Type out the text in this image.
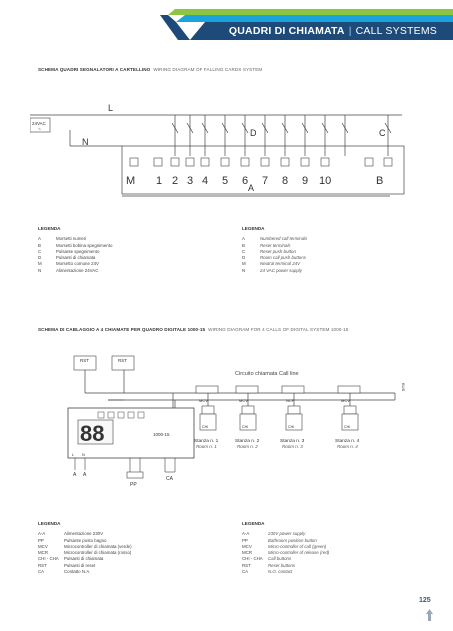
QUADRI DI CHIAMATA | CALL SYSTEMS
SCHEMA QUADRI SEGNALATORI A CARTELLINO WIRING DIAGRAM OF FALLING CARDS SYSTEM
L
N
24VAC
~	D	C
A
M 1 2 3 4 5 6 7 8 9 10	B
LEGENDA
A	Morsetti numeri
B	Morsetti bobina spegnimento
C	Pulsante spegnimento
D	Pulsanti di chiamata
M	Morsetto comune 24V
N	Alimentazione 24VAC
LEGENDA
A	Numbered call terminals
B	Reset terminals
C	Reset push-button
D	Room call push buttons
M	Neutral terminal 24V
N	24 VAC power supply
SCHEMA DI CABLAGGIO A 4 CHIAMATE PER QUADRO DIGITALE 1000-15 WIRING DIAGRAM FOR 4 CALLS OF DIGITAL SYSTEM 1000-15
Circuito chiamata Call line
RST	RST
MCV	MCV	NCF	MCV
BUS
88	1000-15
L N
A A
PP
CA
CHI	CHI	CHI	CHI
Stanza n. 1
Room n. 1
Stanza n. 2
Room n. 2
Stanza n. 3
Room n. 3
Stanza n. 4
Room n. 4
LEGENDA
A-A	Alimentazione 230V
PP	Pulsante posto bagno
MCV	Microcontroller di chiamata (verde)
MCR	Microcontroller di chiamata (rosso)
CHI - CHA	Pulsanti di chiamata
RST	Pulsanti di reset
CA	Contatto N.A.
LEGENDA
A-A	230V power supply
PP	Bathroom position button
MCV	Micro-controller of call (green)
MCR	Micro-controller of release (red)
CHI - CHA	Call buttons
RST	Reset buttons
CA	N.O. contact
125
